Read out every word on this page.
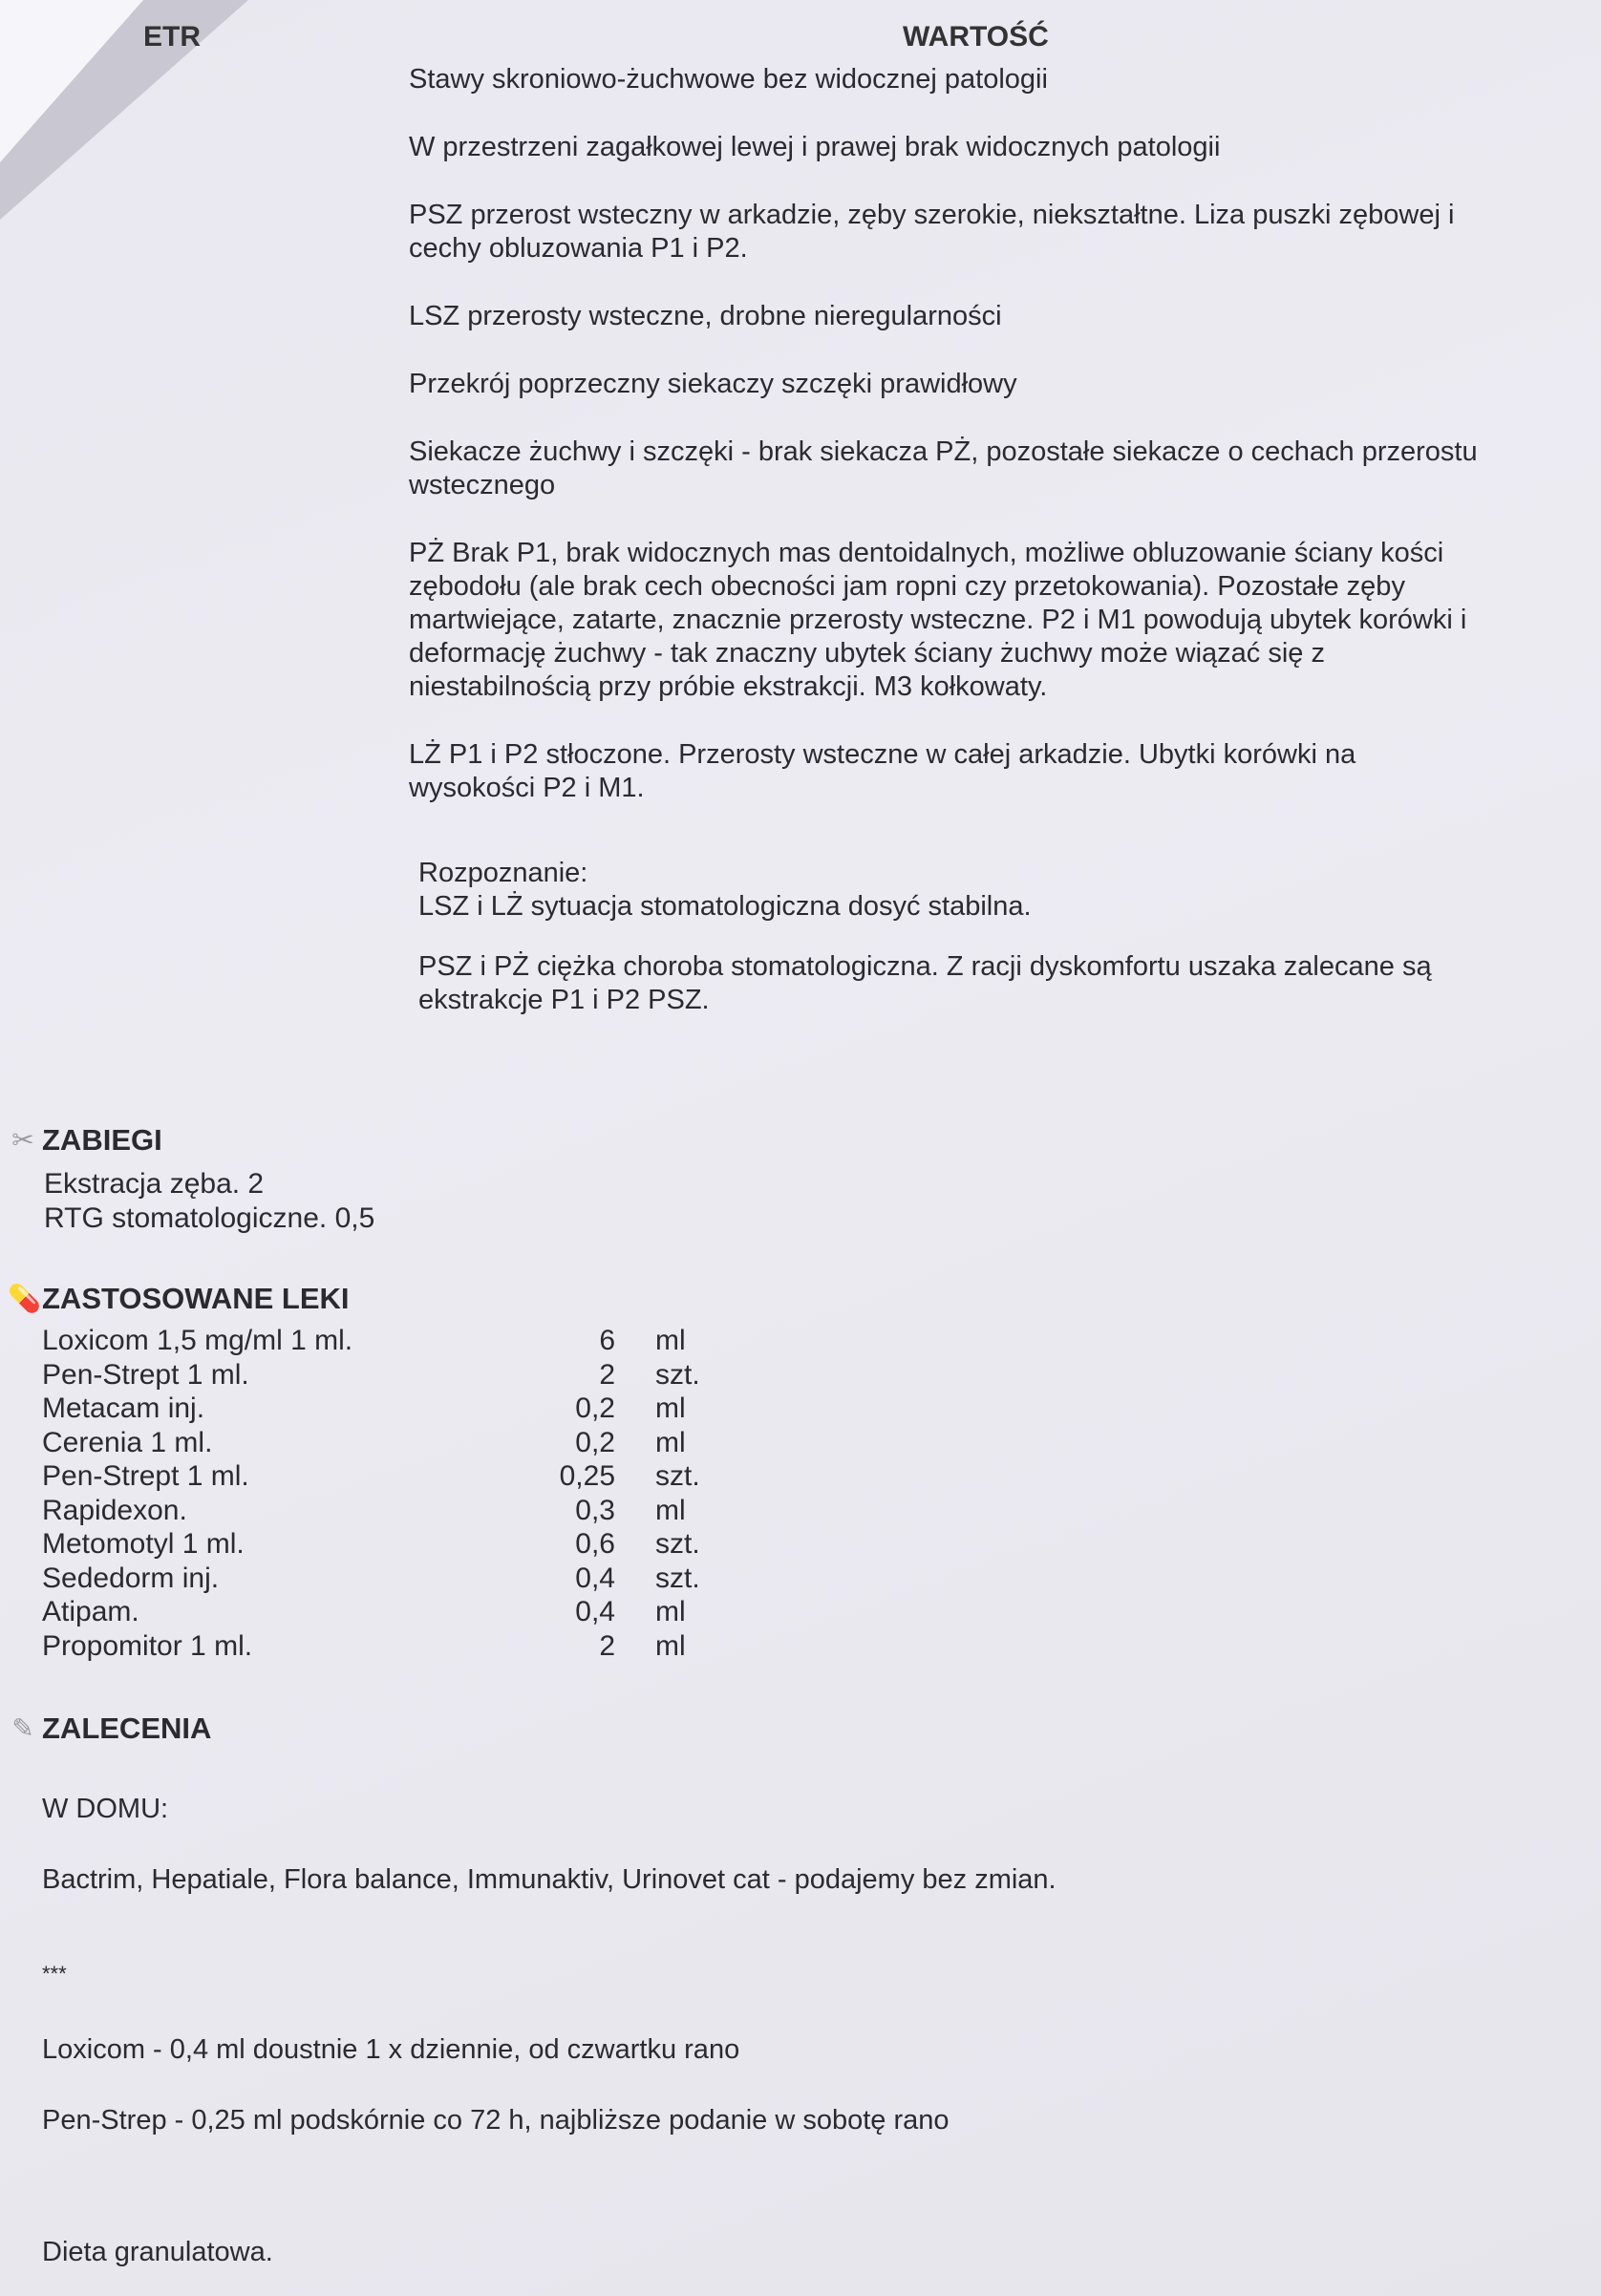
ETR	WARTOŚĆ

Stawy skroniowo-żuchwowe bez widocznej patologii

W przestrzeni zagałkowej lewej i prawej brak widocznych patologii

PSZ przerost wsteczny w arkadzie, zęby szerokie, niekształtne. Liza puszki zębowej i
cechy obluzowania P1 i P2.

LSZ przerosty wsteczne, drobne nieregularności

Przekrój poprzeczny siekaczy szczęki prawidłowy

Siekacze żuchwy i szczęki - brak siekacza PŻ, pozostałe siekacze o cechach przerostu
wstecznego

PŻ Brak P1, brak widocznych mas dentoidalnych, możliwe obluzowanie ściany kości
zębodołu (ale brak cech obecności jam ropni czy przetokowania). Pozostałe zęby
martwiejące, zatarte, znacznie przerosty wsteczne. P2 i M1 powodują ubytek korówki i
deformację żuchwy - tak znaczny ubytek ściany żuchwy może wiązać się z
niestabilnością przy próbie ekstrakcji. M3 kołkowaty.

LŻ P1 i P2 stłoczone. Przerosty wsteczne w całej arkadzie. Ubytki korówki na
wysokości P2 i M1.

Rozpoznanie:

LSZ i LŻ sytuacja stomatologiczna dosyć stabilna.

PSZ i PŻ ciężka choroba stomatologiczna. Z racji dyskomfortu uszaka zalecane są
ekstrakcje P1 i P2 PSZ.

✂ ZABIEGI
Ekstracja zęba. 2
RTG stomatologiczne. 0,5
💊 ZASTOSOWANE LEKI
Loxicom 1,5 mg/ml 1 ml.	6	ml
Pen-Strept 1 ml.	2	szt.
Metacam inj.	0,2	ml
Cerenia 1 ml.	0,2	ml
Pen-Strept 1 ml.	0,25	szt.
Rapidexon.	0,3	ml
Metomotyl 1 ml.	0,6	szt.
Sededorm inj.	0,4	szt.
Atipam.	0,4	ml
Propomitor 1 ml.	2	ml
✎ ZALECENIA
W DOMU:
Bactrim, Hepatiale, Flora balance, Immunaktiv, Urinovet cat - podajemy bez zmian.
***
Loxicom - 0,4 ml doustnie 1 x dziennie, od czwartku rano
Pen-Strep - 0,25 ml podskórnie co 72 h, najbliższe podanie w sobotę rano
Dieta granulatowa.
